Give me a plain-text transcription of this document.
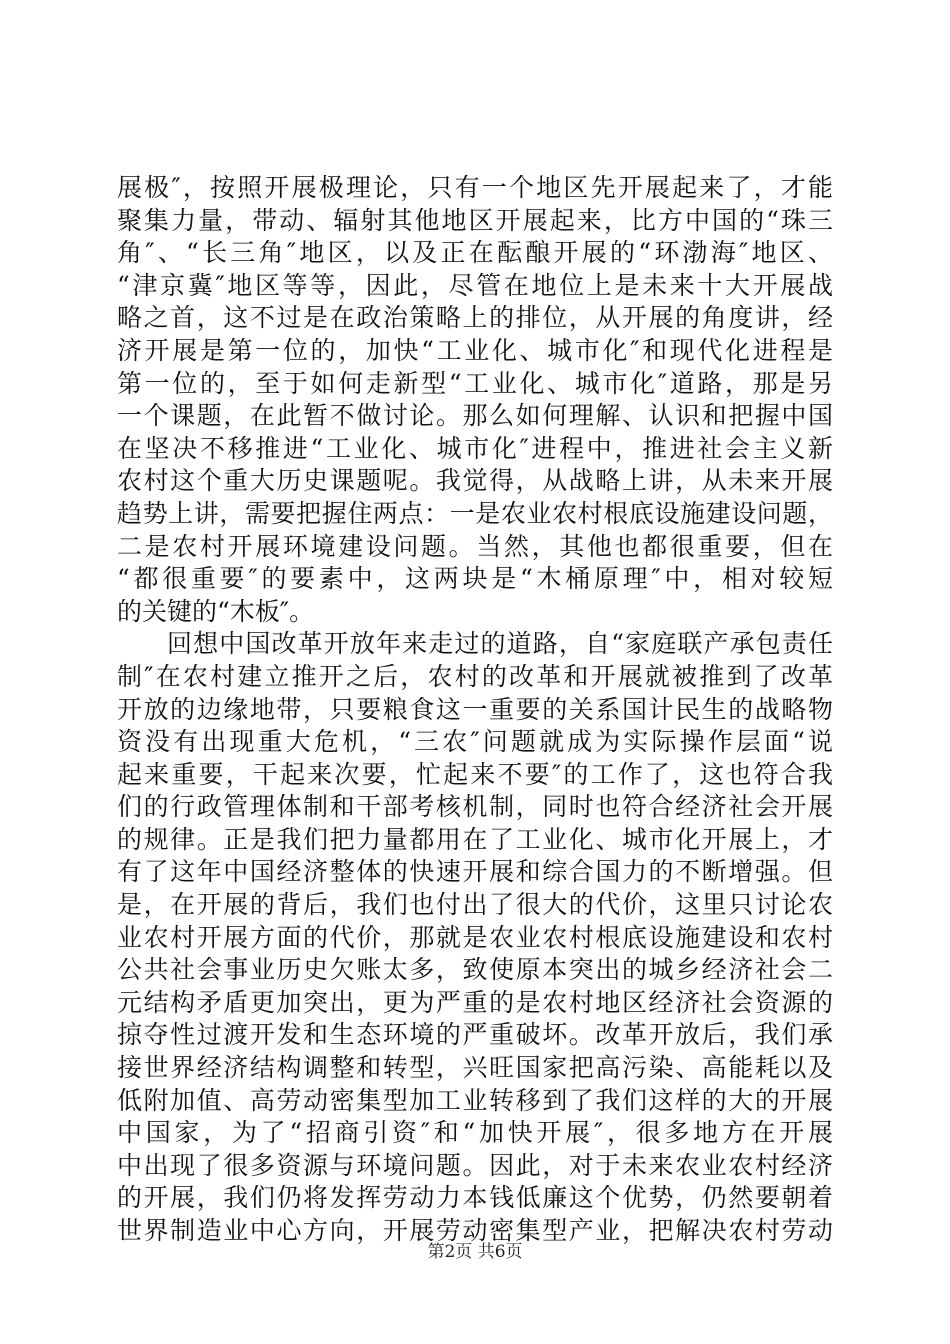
展极″，按照开展极理论，只有一个地区先开展起来了，才能
聚集力量，带动、辐射其他地区开展起来，比方中国的“珠三
角″、“长三角″地区，以及正在酝酿开展的“环渤海″地区、
“津京冀″地区等等，因此，尽管在地位上是未来十大开展战
略之首，这不过是在政治策略上的排位，从开展的角度讲，经
济开展是第一位的，加快“工业化、城市化″和现代化进程是
第一位的，至于如何走新型“工业化、城市化″道路，那是另
一个课题，在此暂不做讨论。那么如何理解、认识和把握中国
在坚决不移推进“工业化、城市化″进程中，推进社会主义新
农村这个重大历史课题呢。我觉得，从战略上讲，从未来开展
趋势上讲，需要把握住两点：一是农业农村根底设施建设问题，
二是农村开展环境建设问题。当然，其他也都很重要，但在
“都很重要″的要素中，这两块是“木桶原理″中，相对较短
的关键的“木板″。
回想中国改革开放年来走过的道路，自“家庭联产承包责任
制″在农村建立推开之后，农村的改革和开展就被推到了改革
开放的边缘地带，只要粮食这一重要的关系国计民生的战略物
资没有出现重大危机，“三农″问题就成为实际操作层面“说
起来重要，干起来次要，忙起来不要″的工作了，这也符合我
们的行政管理体制和干部考核机制，同时也符合经济社会开展
的规律。正是我们把力量都用在了工业化、城市化开展上，才
有了这年中国经济整体的快速开展和综合国力的不断增强。但
是，在开展的背后，我们也付出了很大的代价，这里只讨论农
业农村开展方面的代价，那就是农业农村根底设施建设和农村
公共社会事业历史欠账太多，致使原本突出的城乡经济社会二
元结构矛盾更加突出，更为严重的是农村地区经济社会资源的
掠夺性过渡开发和生态环境的严重破坏。改革开放后，我们承
接世界经济结构调整和转型，兴旺国家把高污染、高能耗以及
低附加值、高劳动密集型加工业转移到了我们这样的大的开展
中国家，为了“招商引资″和“加快开展″，很多地方在开展
中出现了很多资源与环境问题。因此，对于未来农业农村经济
的开展，我们仍将发挥劳动力本钱低廉这个优势，仍然要朝着
世界制造业中心方向，开展劳动密集型产业，把解决农村劳动
第2页 共6页
